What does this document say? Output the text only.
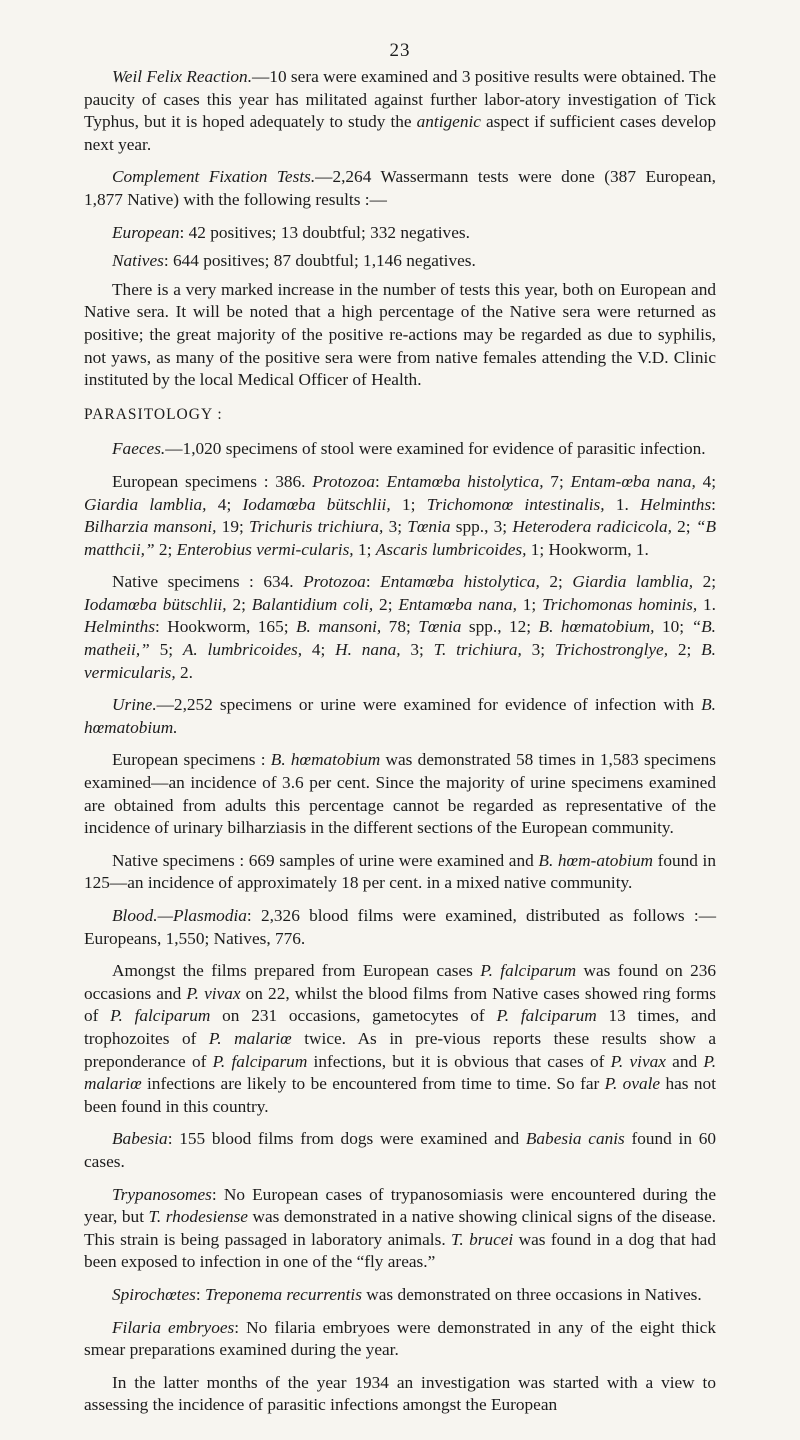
23

Weil Felix Reaction.—10 sera were examined and 3 positive results were obtained. The paucity of cases this year has militated against further labor-atory investigation of Tick Typhus, but it is hoped adequately to study the antigenic aspect if sufficient cases develop next year.

Complement Fixation Tests.—2,264 Wassermann tests were done (387 European, 1,877 Native) with the following results :—

European: 42 positives; 13 doubtful; 332 negatives.

Natives: 644 positives; 87 doubtful; 1,146 negatives.

There is a very marked increase in the number of tests this year, both on European and Native sera. It will be noted that a high percentage of the Native sera were returned as positive; the great majority of the positive re-actions may be regarded as due to syphilis, not yaws, as many of the positive sera were from native females attending the V.D. Clinic instituted by the local Medical Officer of Health.

PARASITOLOGY :

Faeces.—1,020 specimens of stool were examined for evidence of parasitic infection.

European specimens : 386. Protozoa: Entamœba histolytica, 7; Entam-œba nana, 4; Giardia lamblia, 4; Iodamœba bütschlii, 1; Trichomonœ intestinalis, 1. Helminths: Bilharzia mansoni, 19; Trichuris trichiura, 3; Tœnia spp., 3; Heterodera radicicola, 2; “B matthcii,” 2; Enterobius vermi-cularis, 1; Ascaris lumbricoides, 1; Hookworm, 1.

Native specimens : 634. Protozoa: Entamœba histolytica, 2; Giardia lamblia, 2; Iodamœba bütschlii, 2; Balantidium coli, 2; Entamœba nana, 1; Trichomonas hominis, 1. Helminths: Hookworm, 165; B. mansoni, 78; Tœnia spp., 12; B. hœmatobium, 10; “B. matheii,” 5; A. lumbricoides, 4; H. nana, 3; T. trichiura, 3; Trichostronglye, 2; B. vermicularis, 2.

Urine.—2,252 specimens or urine were examined for evidence of infection with B. hœmatobium.

European specimens : B. hœmatobium was demonstrated 58 times in 1,583 specimens examined—an incidence of 3.6 per cent. Since the majority of urine specimens examined are obtained from adults this percentage cannot be regarded as representative of the incidence of urinary bilharziasis in the different sections of the European community.

Native specimens : 669 samples of urine were examined and B. hœm-atobium found in 125—an incidence of approximately 18 per cent. in a mixed native community.

Blood.—Plasmodia: 2,326 blood films were examined, distributed as follows :—Europeans, 1,550; Natives, 776.

Amongst the films prepared from European cases P. falciparum was found on 236 occasions and P. vivax on 22, whilst the blood films from Native cases showed ring forms of P. falciparum on 231 occasions, gametocytes of P. falciparum 13 times, and trophozoites of P. malariœ twice. As in pre-vious reports these results show a preponderance of P. falciparum infections, but it is obvious that cases of P. vivax and P. malariœ infections are likely to be encountered from time to time. So far P. ovale has not been found in this country.

Babesia: 155 blood films from dogs were examined and Babesia canis found in 60 cases.

Trypanosomes: No European cases of trypanosomiasis were encountered during the year, but T. rhodesiense was demonstrated in a native showing clinical signs of the disease. This strain is being passaged in laboratory animals. T. brucei was found in a dog that had been exposed to infection in one of the “fly areas.”

Spirochœtes: Treponema recurrentis was demonstrated on three occasions in Natives.

Filaria embryoes: No filaria embryoes were demonstrated in any of the eight thick smear preparations examined during the year.

In the latter months of the year 1934 an investigation was started with a view to assessing the incidence of parasitic infections amongst the European
